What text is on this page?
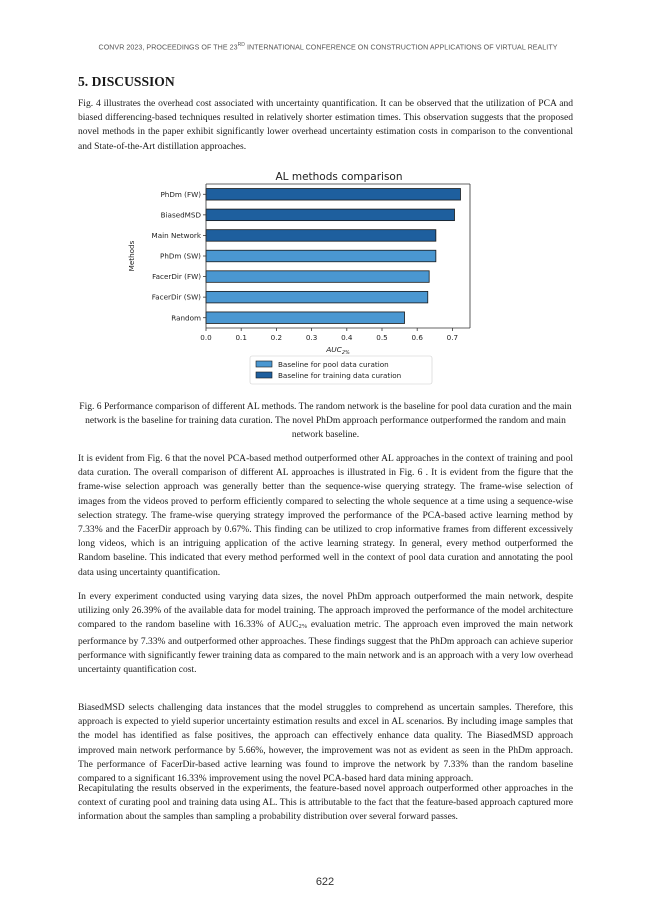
CONVR 2023, PROCEEDINGS OF THE 23RD INTERNATIONAL CONFERENCE ON CONSTRUCTION APPLICATIONS OF VIRTUAL REALITY
5. DISCUSSION

Fig. 4 illustrates the overhead cost associated with uncertainty quantification. It can be observed that the utilization of PCA and biased differencing-based techniques resulted in relatively shorter estimation times. This observation suggests that the proposed novel methods in the paper exhibit significantly lower overhead uncertainty estimation costs in comparison to the conventional and State-of-the-Art distillation approaches.

AL methods comparison
Methods
PhDm (FW)
BiasedMSD
Main Network
PhDm (SW)
FacerDir (FW)
FacerDir (SW)
Random
0.0	0.1	0.2	0.3	0.4	0.5	0.6	0.7
$AUC_{2\%}$
Baseline for pool data curation
Baseline for training data curation

Fig. 6 Performance comparison of different AL methods. The random network is the baseline for pool data curation and the main network is the baseline for training data curation. The novel PhDm approach performance outperformed the random and main network baseline.

It is evident from Fig. 6 that the novel PCA-based method outperformed other AL approaches in the context of training and pool data curation. The overall comparison of different AL approaches is illustrated in Fig. 6 . It is evident from the figure that the frame-wise selection approach was generally better than the sequence-wise querying strategy. The frame-wise selection of images from the videos proved to perform efficiently compared to selecting the whole sequence at a time using a sequence-wise selection strategy. The frame-wise querying strategy improved the performance of the PCA-based active learning method by 7.33% and the FacerDir approach by 0.67%. This finding can be utilized to crop informative frames from different excessively long videos, which is an intriguing application of the active learning strategy. In general, every method outperformed the Random baseline. This indicated that every method performed well in the context of pool data curation and annotating the pool data using uncertainty quantification.

In every experiment conducted using varying data sizes, the novel PhDm approach outperformed the main network, despite utilizing only 26.39% of the available data for model training. The approach improved the performance of the model architecture compared to the random baseline with 16.33% of $AUC_{2\%}$ evaluation metric. The approach even improved the main network performance by 7.33% and outperformed other approaches. These findings suggest that the PhDm approach can achieve superior performance with significantly fewer training data as compared to the main network and is an approach with a very low overhead uncertainty quantification cost.

BiasedMSD selects challenging data instances that the model struggles to comprehend as uncertain samples. Therefore, this approach is expected to yield superior uncertainty estimation results and excel in AL scenarios. By including image samples that the model has identified as false positives, the approach can effectively enhance data quality. The BiasedMSD approach improved main network performance by 5.66%, however, the improvement was not as evident as seen in the PhDm approach. The performance of FacerDir-based active learning was found to improve the network by 7.33% than the random baseline compared to a significant 16.33% improvement using the novel PCA-based hard data mining approach.

Recapitulating the results observed in the experiments, the feature-based novel approach outperformed other approaches in the context of curating pool and training data using AL. This is attributable to the fact that the feature-based approach captured more information about the samples than sampling a probability distribution over several forward passes.

622
